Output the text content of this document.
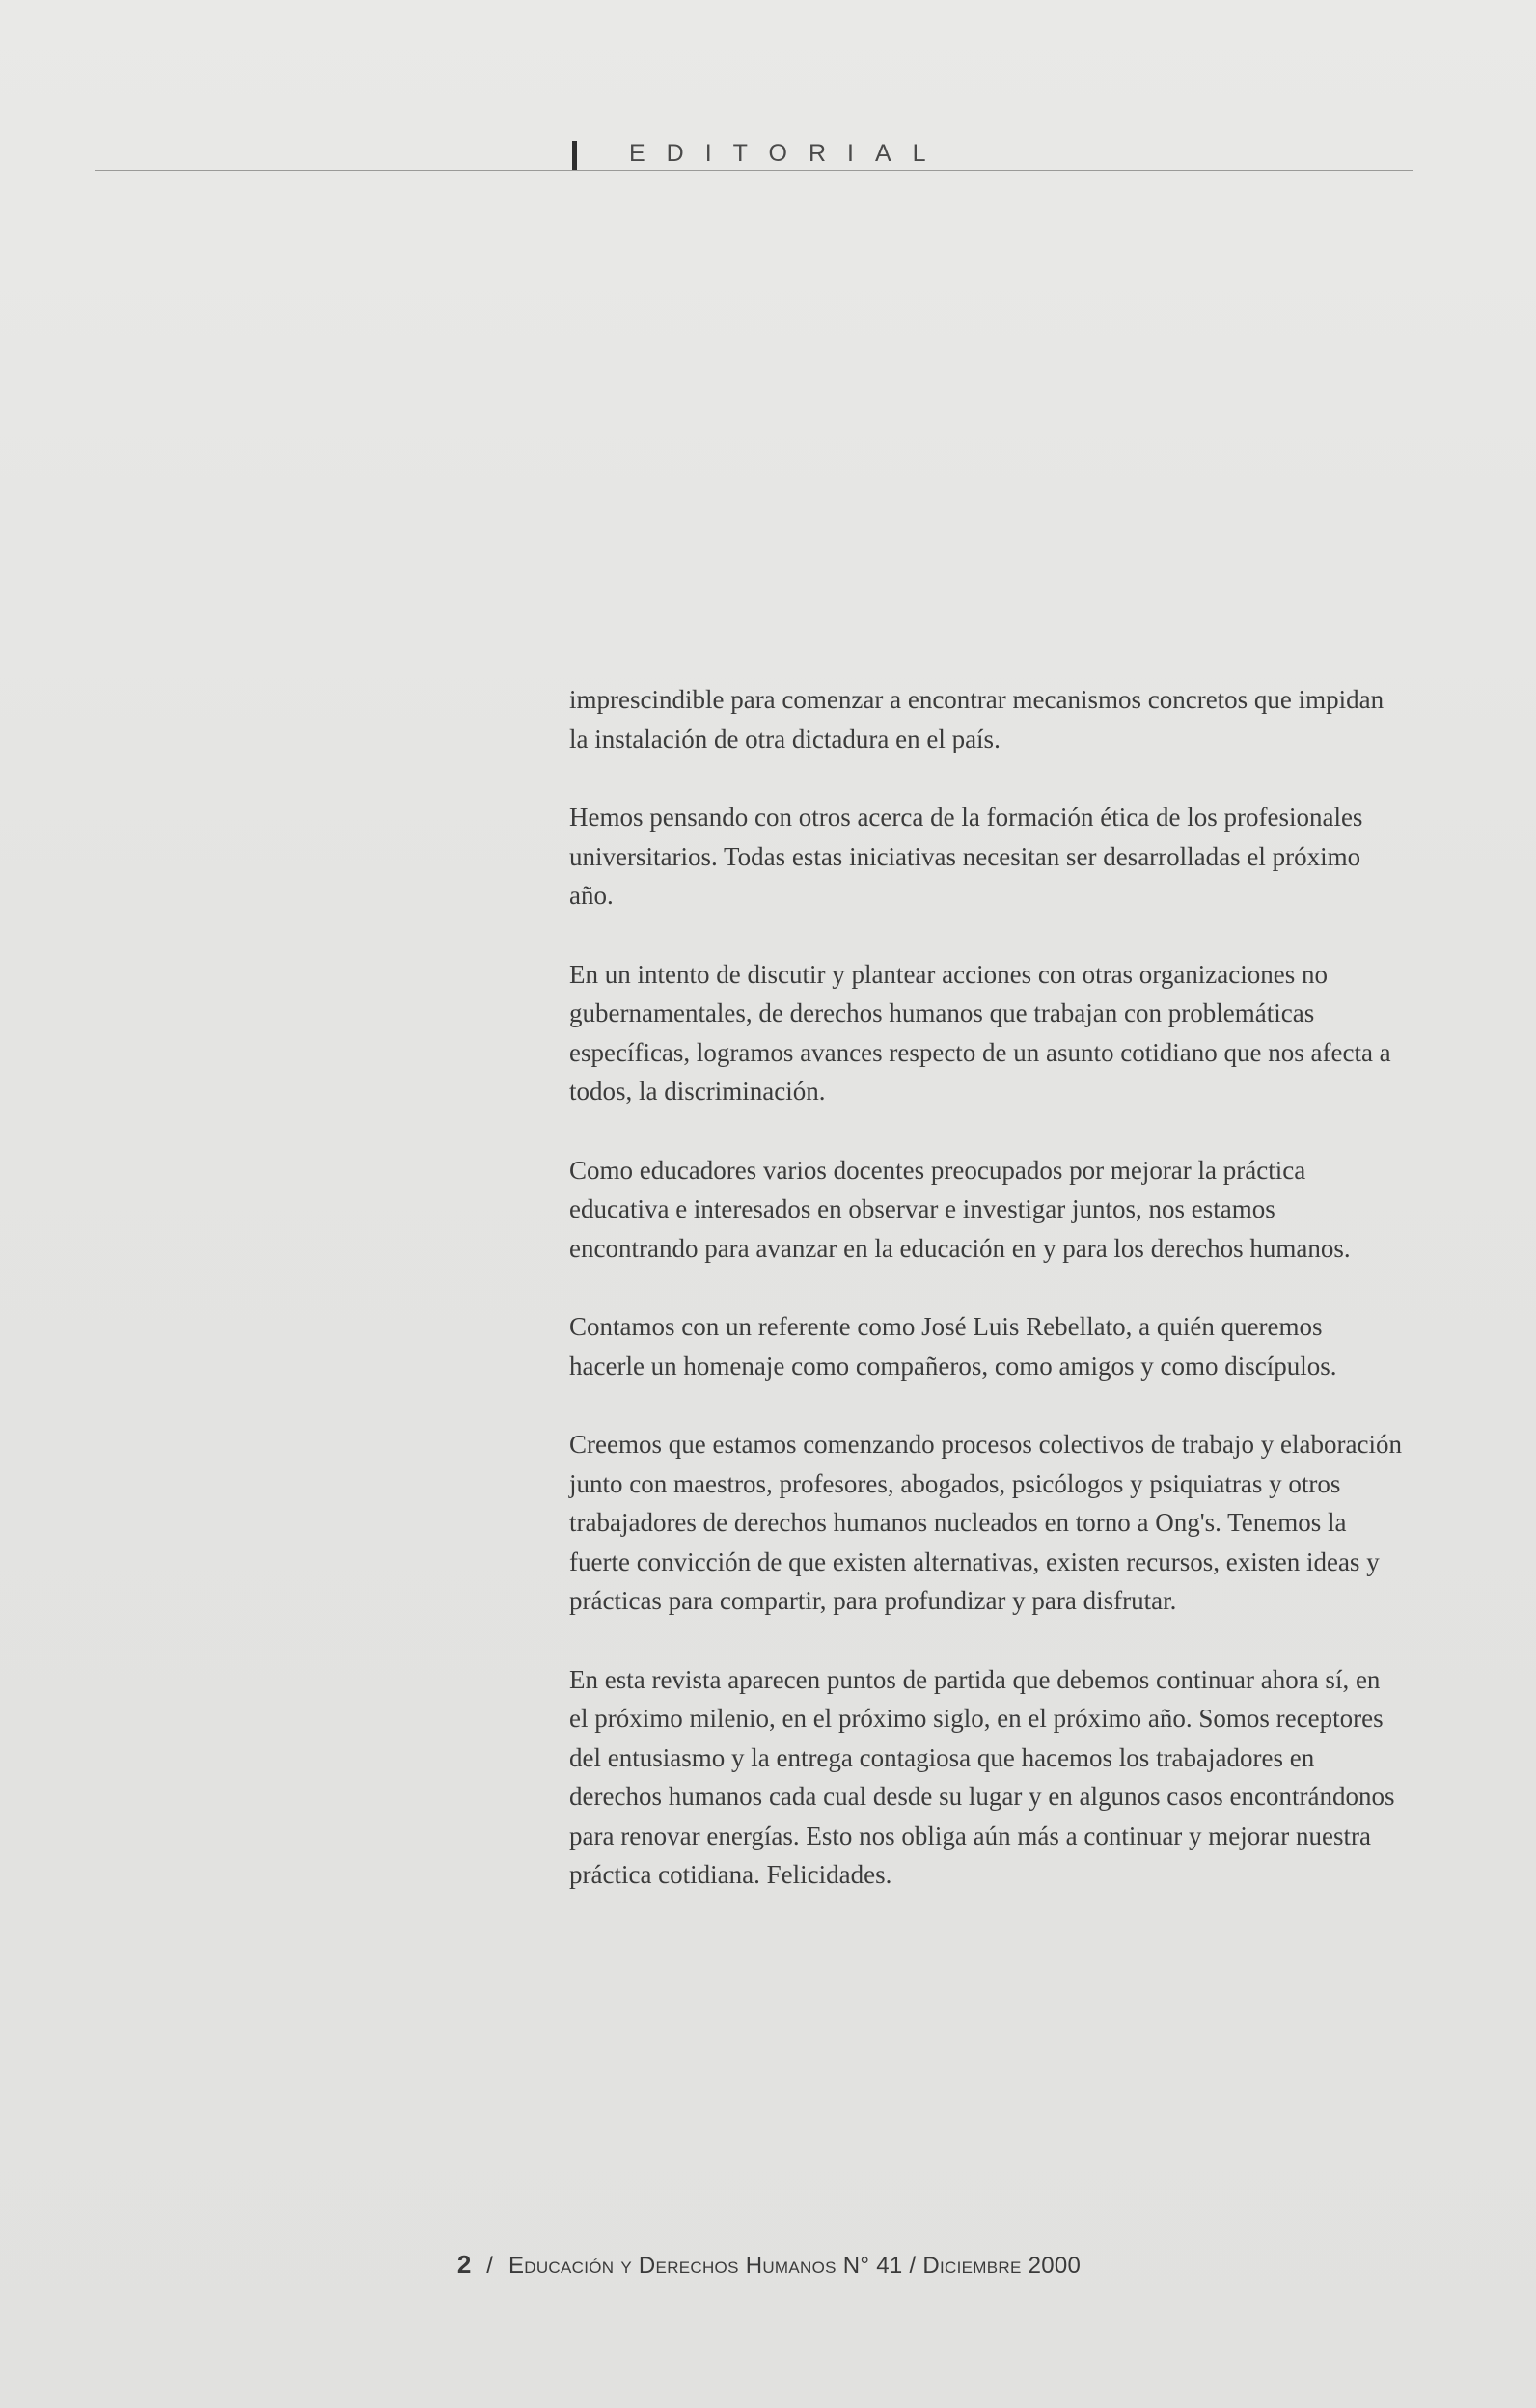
EDITORIAL

imprescindible para comenzar a encontrar mecanismos concretos que impidan la instalación de otra dictadura en el país.

Hemos pensando con otros acerca de la formación ética de los profesionales universitarios. Todas estas iniciativas necesitan ser desarrolladas el próximo año.

En un intento de discutir y plantear acciones con otras organizaciones no gubernamentales, de derechos humanos que trabajan con problemáticas específicas, logramos avances respecto de un asunto cotidiano que nos afecta a todos, la discriminación.

Como educadores varios docentes preocupados por mejorar la práctica educativa e interesados en observar e investigar juntos, nos estamos encontrando para avanzar en la educación en y para los derechos humanos.

Contamos con un referente como José Luis Rebellato, a quién queremos hacerle un homenaje como compañeros, como amigos y como discípulos.

Creemos que estamos comenzando procesos colectivos de trabajo y elaboración junto con maestros, profesores, abogados, psicólogos y psiquiatras y otros trabajadores de derechos humanos nucleados en torno a Ong's. Tenemos la fuerte convicción de que existen alternativas, existen recursos, existen ideas y prácticas para compartir, para profundizar y para disfrutar.

En esta revista aparecen puntos de partida que debemos continuar ahora sí, en el próximo milenio, en el próximo siglo, en el próximo año. Somos receptores del entusiasmo y la entrega contagiosa que hacemos los trabajadores en derechos humanos cada cual desde su lugar y en algunos casos encontrándonos para renovar energías. Esto nos obliga aún más a continuar y mejorar nuestra práctica cotidiana. Felicidades.

2 / Educación y Derechos Humanos N° 41 / Diciembre 2000
